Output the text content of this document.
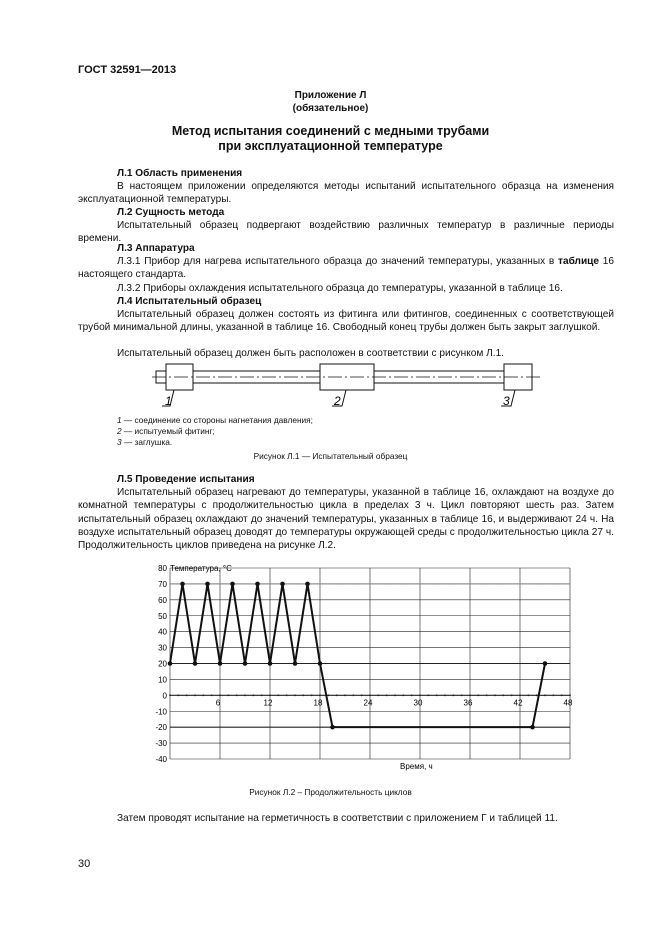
ГОСТ 32591—2013
Приложение Л
(обязательное)
Метод испытания соединений с медными трубами
при эксплуатационной температуре

Л.1 Область применения

В настоящем приложении определяются методы испытаний испытательного образца на изменения эксплуатационной температуры.

Л.2 Сущность метода

Испытательный образец подвергают воздействию различных температур в различные периоды времени.

Л.3 Аппаратура

Л.3.1 Прибор для нагрева испытательного образца до значений температуры, указанных в таблице 16 настоящего стандарта.

Л.3.2 Приборы охлаждения испытательного образца до температуры, указанной в таблице 16.

Л.4 Испытательный образец

Испытательный образец должен состоять из фитинга или фитингов, соединенных с соответствующей трубой минимальной длины, указанной в таблице 16. Свободный конец трубы должен быть закрыт заглушкой.

Испытательный образец должен быть расположен в соответствии с рисунком Л.1.

1	2	3

1 — соединение со стороны нагнетания давления;

2 — испытуемый фитинг;

3 — заглушка.

Рисунок Л.1 — Испытательный образец

Л.5 Проведение испытания

Испытательный образец нагревают до температуры, указанной в таблице 16, охлаждают на воздухе до комнатной температуры с продолжительностью цикла в пределах 3 ч. Цикл повторяют шесть раз. Затем испытательный образец охлаждают до значений температуры, указанных в таблице 16, и выдерживают 24 ч. На воздухе испытательный образец доводят до температуры окружающей среды с продолжительностью цикла 27 ч. Продолжительность циклов приведена на рисунке Л.2.

6	12	18	24	30	36	42	48
80
70
60
50
40
30
20
10
0
-10
-20
-30
-40
Температура, °С
Время, ч
Рисунок Л.2 – Продолжительность циклов

Затем проводят испытание на герметичность в соответствии с приложением Г и таблицей 11.

30
